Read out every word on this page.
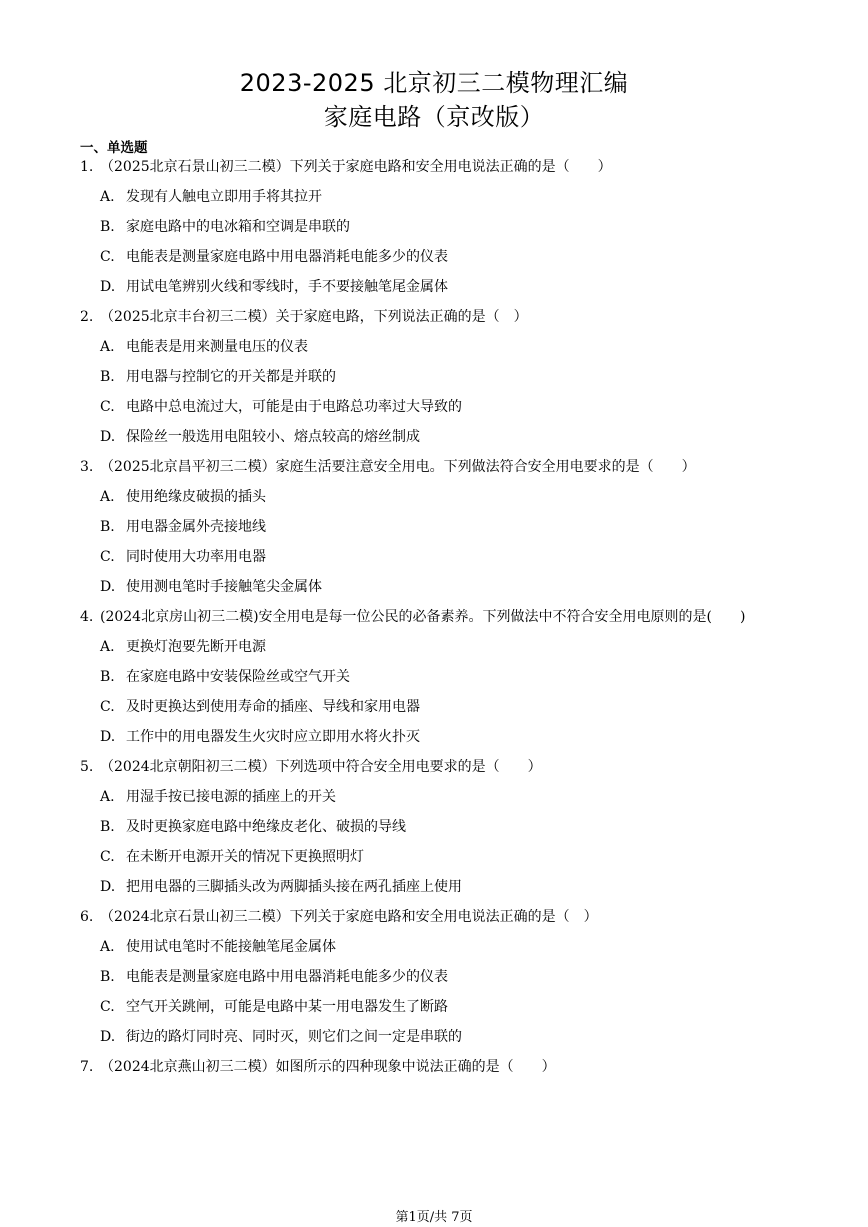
2023-2025 北京初三二模物理汇编
家庭电路（京改版）
一、单选题
1. （2025北京石景山初三二模）下列关于家庭电路和安全用电说法正确的是（　　）
A. 发现有人触电立即用手将其拉开
B. 家庭电路中的电冰箱和空调是串联的
C. 电能表是测量家庭电路中用电器消耗电能多少的仪表
D. 用试电笔辨别火线和零线时，手不要接触笔尾金属体
2. （2025北京丰台初三二模）关于家庭电路，下列说法正确的是（　）
A. 电能表是用来测量电压的仪表
B. 用电器与控制它的开关都是并联的
C. 电路中总电流过大，可能是由于电路总功率过大导致的
D. 保险丝一般选用电阻较小、熔点较高的熔丝制成
3. （2025北京昌平初三二模）家庭生活要注意安全用电。下列做法符合安全用电要求的是（　　）
A. 使用绝缘皮破损的插头
B. 用电器金属外壳接地线
C. 同时使用大功率用电器
D. 使用测电笔时手接触笔尖金属体
4. (2024北京房山初三二模)安全用电是每一位公民的必备素养。下列做法中不符合安全用电原则的是(　　)
A. 更换灯泡要先断开电源
B. 在家庭电路中安装保险丝或空气开关
C. 及时更换达到使用寿命的插座、导线和家用电器
D. 工作中的用电器发生火灾时应立即用水将火扑灭
5. （2024北京朝阳初三二模）下列选项中符合安全用电要求的是（　　）
A. 用湿手按已接电源的插座上的开关
B. 及时更换家庭电路中绝缘皮老化、破损的导线
C. 在未断开电源开关的情况下更换照明灯
D. 把用电器的三脚插头改为两脚插头接在两孔插座上使用
6. （2024北京石景山初三二模）下列关于家庭电路和安全用电说法正确的是（　）
A. 使用试电笔时不能接触笔尾金属体
B. 电能表是测量家庭电路中用电器消耗电能多少的仪表
C. 空气开关跳闸，可能是电路中某一用电器发生了断路
D. 街边的路灯同时亮、同时灭，则它们之间一定是串联的
7. （2024北京燕山初三二模）如图所示的四种现象中说法正确的是（　　）
第1页/共 7页
